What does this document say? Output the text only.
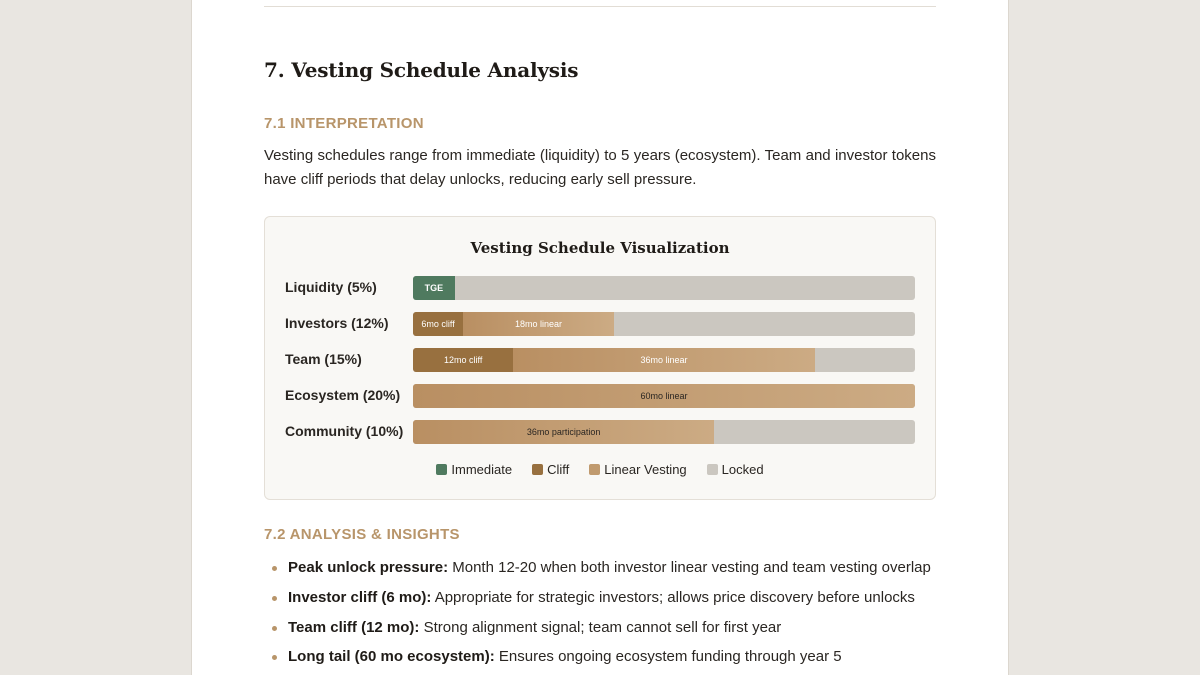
7. Vesting Schedule Analysis
7.1 INTERPRETATION

Vesting schedules range from immediate (liquidity) to 5 years (ecosystem). Team and investor tokens have cliff periods that delay unlocks, reducing early sell pressure.

Vesting Schedule Visualization
Liquidity (5%)	TGE
Investors (12%)	6mo cliff	18mo linear
Team (15%)	12mo cliff	36mo linear
Ecosystem (20%)	60mo linear
Community (10%)	36mo participation
Immediate	Cliff	Linear Vesting	Locked
7.2 ANALYSIS & INSIGHTS
Peak unlock pressure: Month 12-20 when both investor linear vesting and team vesting overlap
Investor cliff (6 mo): Appropriate for strategic investors; allows price discovery before unlocks
Team cliff (12 mo): Strong alignment signal; team cannot sell for first year
Long tail (60 mo ecosystem): Ensures ongoing ecosystem funding through year 5
